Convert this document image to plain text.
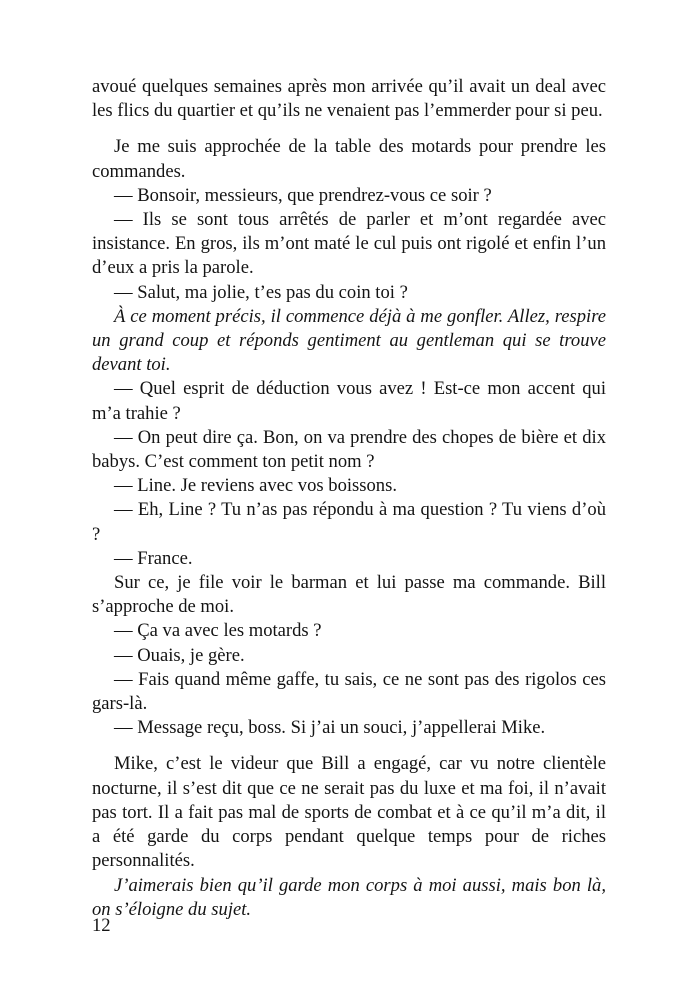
avoué quelques semaines après mon arrivée qu’il avait un deal avec les flics du quartier et qu’ils ne venaient pas l’emmerder pour si peu.

Je me suis approchée de la table des motards pour prendre les commandes.

— Bonsoir, messieurs, que prendrez-vous ce soir ?

— Ils se sont tous arrêtés de parler et m’ont regardée avec insistance. En gros, ils m’ont maté le cul puis ont rigolé et enfin l’un d’eux a pris la parole.

— Salut, ma jolie, t’es pas du coin toi ?

À ce moment précis, il commence déjà à me gonfler. Allez, respire un grand coup et réponds gentiment au gentleman qui se trouve devant toi.

— Quel esprit de déduction vous avez ! Est-ce mon accent qui m’a trahie ?

— On peut dire ça. Bon, on va prendre des chopes de bière et dix babys. C’est comment ton petit nom ?

— Line. Je reviens avec vos boissons.

— Eh, Line ? Tu n’as pas répondu à ma question ? Tu viens d’où ?

— France.

Sur ce, je file voir le barman et lui passe ma commande. Bill s’approche de moi.

— Ça va avec les motards ?

— Ouais, je gère.

— Fais quand même gaffe, tu sais, ce ne sont pas des rigolos ces gars-là.

— Message reçu, boss. Si j’ai un souci, j’appellerai Mike.

Mike, c’est le videur que Bill a engagé, car vu notre clientèle nocturne, il s’est dit que ce ne serait pas du luxe et ma foi, il n’avait pas tort. Il a fait pas mal de sports de combat et à ce qu’il m’a dit, il a été garde du corps pendant quelque temps pour de riches personnalités.

J’aimerais bien qu’il garde mon corps à moi aussi, mais bon là, on s’éloigne du sujet.

12
